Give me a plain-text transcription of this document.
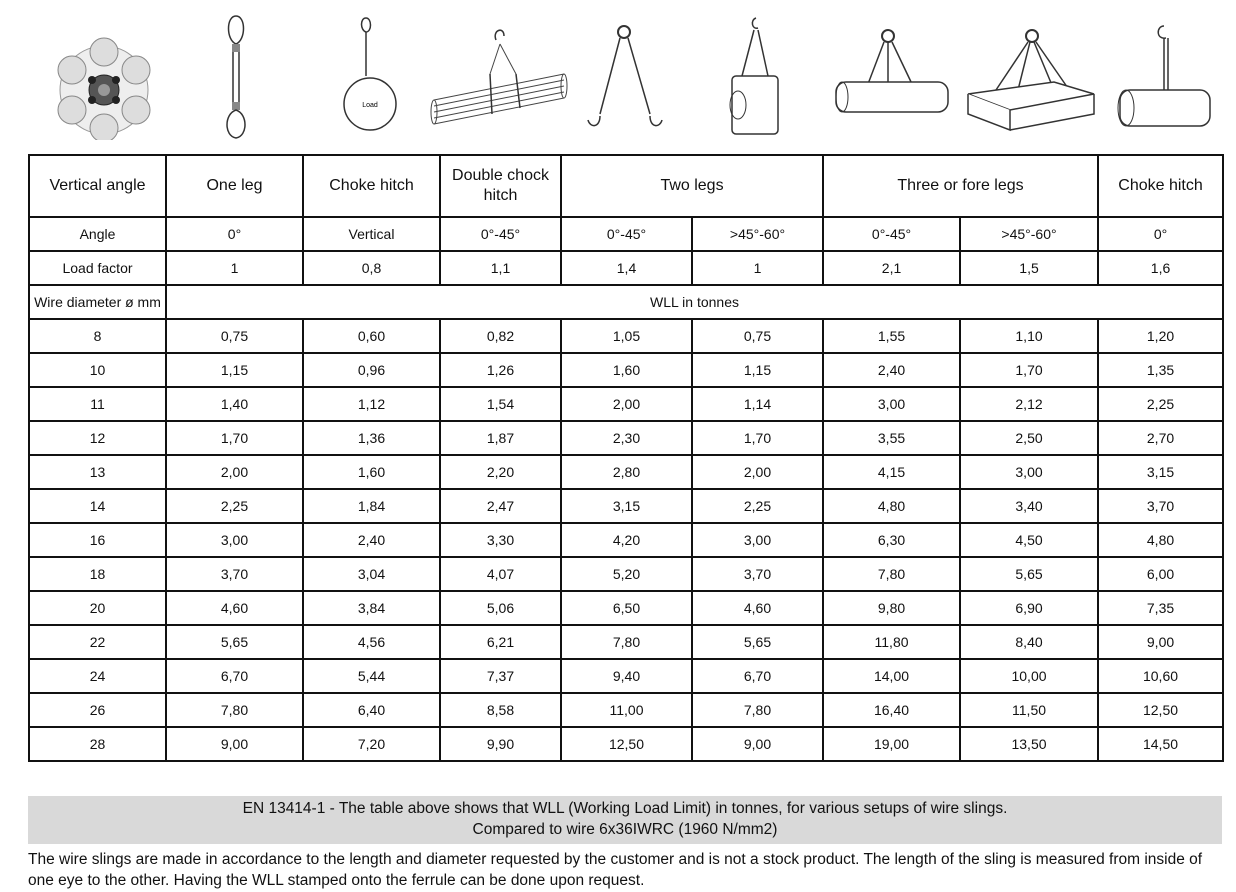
Load
Vertical angle	One leg	Choke hitch	Double chock hitch	Two legs		Three or fore legs		Choke hitch
Angle	0°	Vertical	0°-45°	0°-45°	>45°-60°	0°-45°	>45°-60°	0°
Load factor	1	0,8	1,1	1,4	1	2,1	1,5	1,6
Wire diameter ø mm	WLL in tonnes							
8	0,75	0,60	0,82	1,05	0,75	1,55	1,10	1,20
10	1,15	0,96	1,26	1,60	1,15	2,40	1,70	1,35
11	1,40	1,12	1,54	2,00	1,14	3,00	2,12	2,25
12	1,70	1,36	1,87	2,30	1,70	3,55	2,50	2,70
13	2,00	1,60	2,20	2,80	2,00	4,15	3,00	3,15
14	2,25	1,84	2,47	3,15	2,25	4,80	3,40	3,70
16	3,00	2,40	3,30	4,20	3,00	6,30	4,50	4,80
18	3,70	3,04	4,07	5,20	3,70	7,80	5,65	6,00
20	4,60	3,84	5,06	6,50	4,60	9,80	6,90	7,35
22	5,65	4,56	6,21	7,80	5,65	11,80	8,40	9,00
24	6,70	5,44	7,37	9,40	6,70	14,00	10,00	10,60
26	7,80	6,40	8,58	11,00	7,80	16,40	11,50	12,50
28	9,00	7,20	9,90	12,50	9,00	19,00	13,50	14,50
EN 13414-1 - The table above shows that WLL (Working Load Limit) in tonnes, for various setups of wire slings.
Compared to wire 6x36IWRC (1960 N/mm2)
The wire slings are made in accordance to the length and diameter requested by the customer and is not a stock product. The length of the sling is measured from inside of one eye to the other. Having the WLL stamped onto the ferrule can be done upon request.
